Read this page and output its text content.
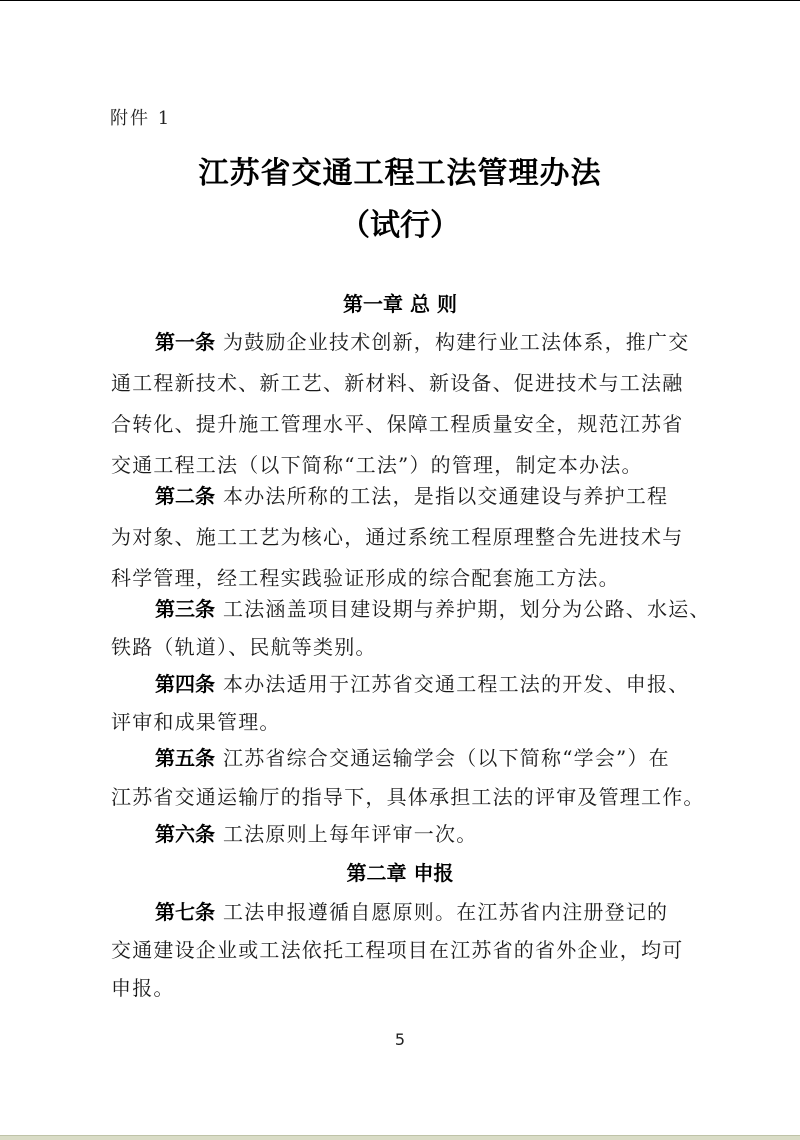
附件 1
江苏省交通工程工法管理办法
（试行）
第一章 总 则
第一条 为鼓励企业技术创新，构建行业工法体系，推广交
通工程新技术、新工艺、新材料、新设备、促进技术与工法融
合转化、提升施工管理水平、保障工程质量安全，规范江苏省
交通工程工法（以下简称“工法”）的管理，制定本办法。
第二条 本办法所称的工法，是指以交通建设与养护工程
为对象、施工工艺为核心，通过系统工程原理整合先进技术与
科学管理，经工程实践验证形成的综合配套施工方法。
第三条 工法涵盖项目建设期与养护期，划分为公路、水运、
铁路（轨道）、民航等类别。
第四条 本办法适用于江苏省交通工程工法的开发、申报、
评审和成果管理。
第五条 江苏省综合交通运输学会（以下简称“学会”）在
江苏省交通运输厅的指导下，具体承担工法的评审及管理工作。
第六条 工法原则上每年评审一次。
第二章 申报
第七条 工法申报遵循自愿原则。在江苏省内注册登记的
交通建设企业或工法依托工程项目在江苏省的省外企业，均可
申报。
5
